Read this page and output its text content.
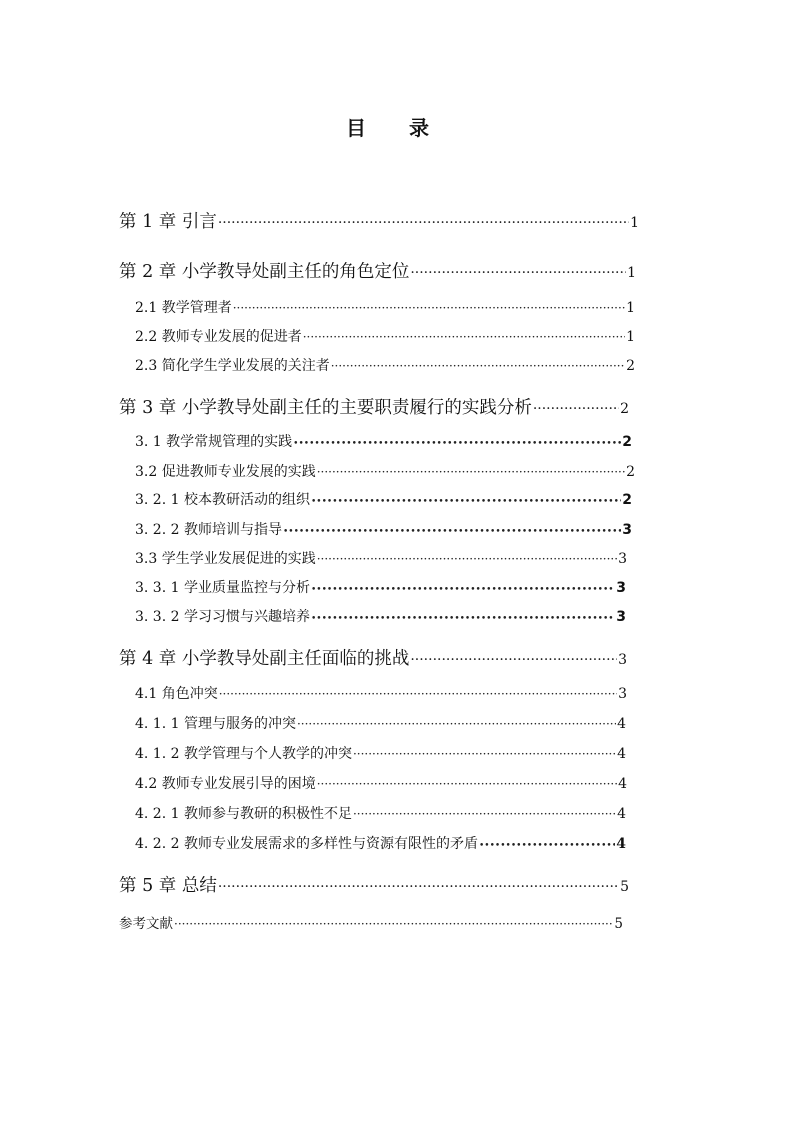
目 录
第 1 章 引言 ·····	1
第 2 章 小学教导处副主任的角色定位 ·····	1
2.1 教学管理者 ·····	1
2.2 教师专业发展的促进者 ·····	1
2.3 简化学生学业发展的关注者 ·····	2
第 3 章 小学教导处副主任的主要职责履行的实践分析 ·····	2
3. 1 教学常规管理的实践 •••••	2
3.2 促进教师专业发展的实践 ·····	2
3. 2. 1 校本教研活动的组织 •••••	2
3. 2. 2 教师培训与指导 •••••	3
3.3 学生学业发展促进的实践 ·····	3
3. 3. 1 学业质量监控与分析 •••••	3
3. 3. 2 学习习惯与兴趣培养 •••••	3
第 4 章 小学教导处副主任面临的挑战 ·····	3
4.1 角色冲突 ·····	3
4. 1. 1 管理与服务的冲突 ·····	4
4. 1. 2 教学管理与个人教学的冲突 ·····	4
4.2 教师专业发展引导的困境 ·····	4
4. 2. 1 教师参与教研的积极性不足 ·····	4
4. 2. 2 教师专业发展需求的多样性与资源有限性的矛盾 •••••	4
第 5 章 总结 ·····	5
参考文献 ·····	5
